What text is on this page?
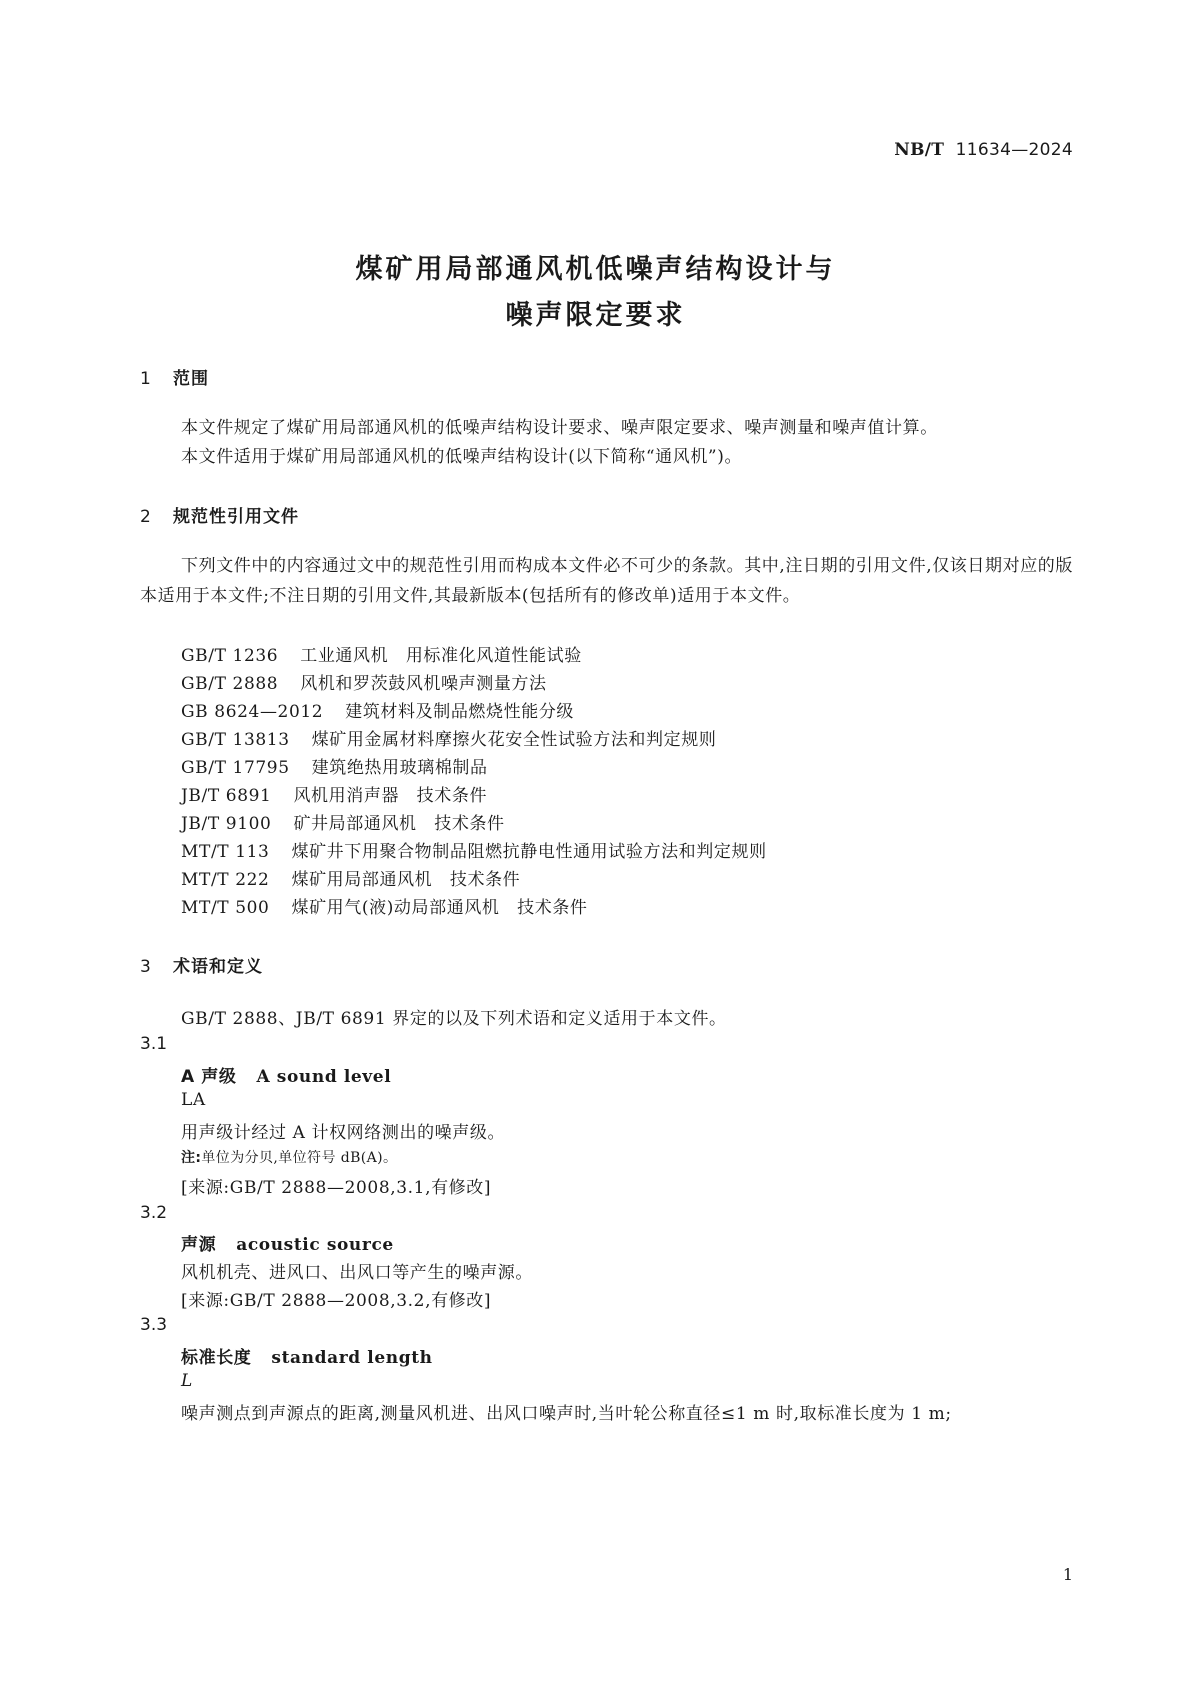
NB/T 11634—2024
煤矿用局部通风机低噪声结构设计与
噪声限定要求
1 范围
本文件规定了煤矿用局部通风机的低噪声结构设计要求、噪声限定要求、噪声测量和噪声值计算。
本文件适用于煤矿用局部通风机的低噪声结构设计(以下简称“通风机”)。
2 规范性引用文件
下列文件中的内容通过文中的规范性引用而构成本文件必不可少的条款。其中,注日期的引用文件,仅该日期对应的版本适用于本文件;不注日期的引用文件,其最新版本(包括所有的修改单)适用于本文件。
GB/T 1236 工业通风机　用标准化风道性能试验
GB/T 2888 风机和罗茨鼓风机噪声测量方法
GB 8624—2012 建筑材料及制品燃烧性能分级
GB/T 13813 煤矿用金属材料摩擦火花安全性试验方法和判定规则
GB/T 17795 建筑绝热用玻璃棉制品
JB/T 6891 风机用消声器　技术条件
JB/T 9100 矿井局部通风机　技术条件
MT/T 113 煤矿井下用聚合物制品阻燃抗静电性通用试验方法和判定规则
MT/T 222 煤矿用局部通风机　技术条件
MT/T 500 煤矿用气(液)动局部通风机　技术条件
3 术语和定义
GB/T 2888、JB/T 6891 界定的以及下列术语和定义适用于本文件。
3.1
A 声级 A sound level
LA
用声级计经过 A 计权网络测出的噪声级。
注:单位为分贝,单位符号 dB(A)。
[来源:GB/T 2888—2008,3.1,有修改]
3.2
声源 acoustic source
风机机壳、进风口、出风口等产生的噪声源。
[来源:GB/T 2888—2008,3.2,有修改]
3.3
标准长度 standard length
L
噪声测点到声源点的距离,测量风机进、出风口噪声时,当叶轮公称直径≤1 m 时,取标准长度为 1 m;
1
